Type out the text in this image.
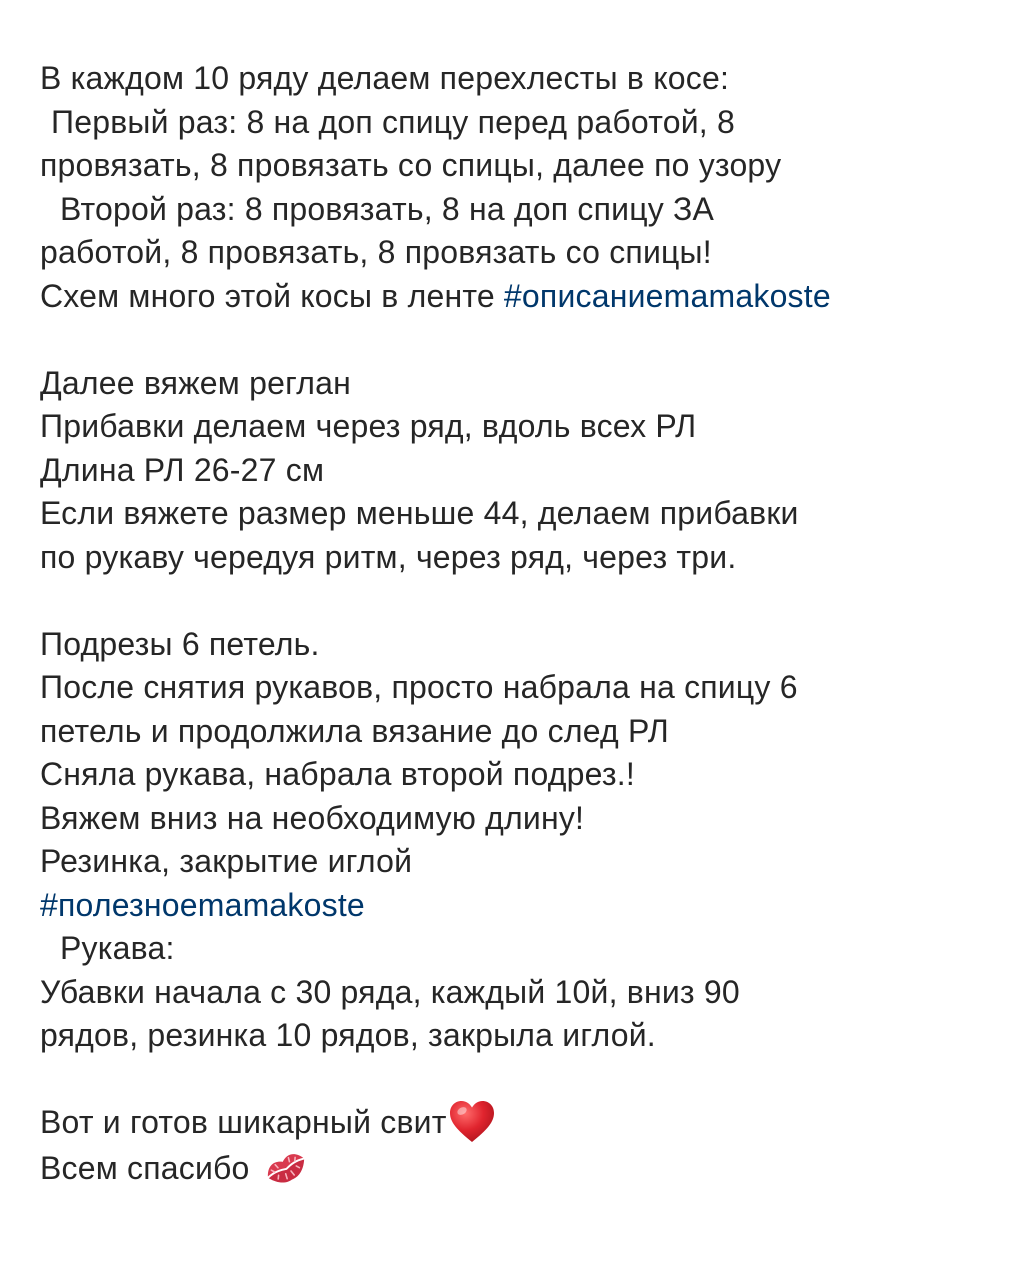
В каждом 10 ряду делаем перехлесты в косе:
Первый раз: 8 на доп спицу перед работой, 8
провязать, 8 провязать со спицы, далее по узору
Второй раз: 8 провязать, 8 на доп спицу ЗА
работой, 8 провязать, 8 провязать со спицы!
Схем много этой косы в ленте #описаниеmamakoste
Далее вяжем реглан
Прибавки делаем через ряд, вдоль всех РЛ
Длина РЛ 26-27 см
Если вяжете размер меньше 44, делаем прибавки
по рукаву чередуя ритм, через ряд, через три.
Подрезы 6 петель.
После снятия рукавов, просто набрала на спицу 6
петель и продолжила вязание до след РЛ
Сняла рукава, набрала второй подрез.!
Вяжем вниз на необходимую длину!
Резинка, закрытие иглой
#полезноеmamakoste
Рукава:
Убавки начала с 30 ряда, каждый 10й, вниз 90
рядов, резинка 10 рядов, закрыла иглой.
Вот и готов шикарный свит
Всем спасибо
